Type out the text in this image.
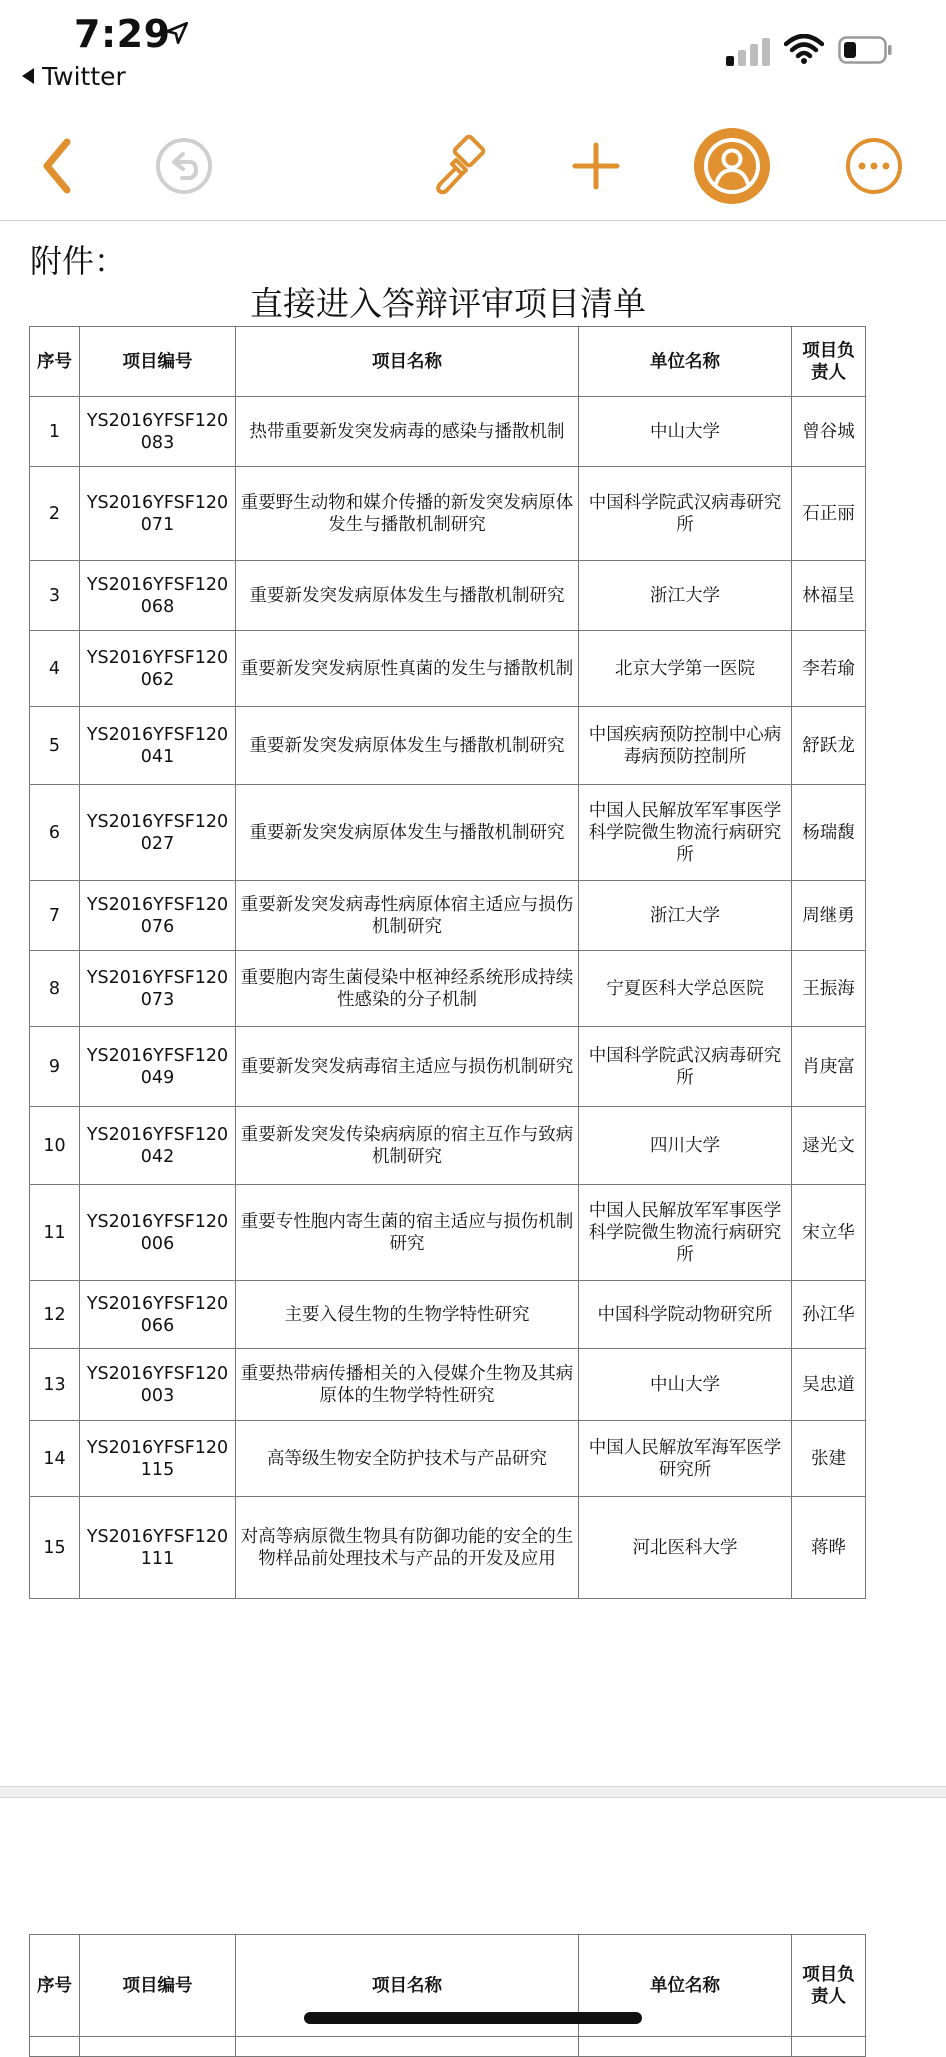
7:29
Twitter
附件：
直接进入答辩评审项目清单
序号	项目编号	项目名称	单位名称	项目负责人
1	YS2016YFSF120083	热带重要新发突发病毒的感染与播散机制	中山大学	曾谷城
2	YS2016YFSF120071	重要野生动物和媒介传播的新发突发病原体发生与播散机制研究	中国科学院武汉病毒研究所	石正丽
3	YS2016YFSF120068	重要新发突发病原体发生与播散机制研究	浙江大学	林福呈
4	YS2016YFSF120062	重要新发突发病原性真菌的发生与播散机制	北京大学第一医院	李若瑜
5	YS2016YFSF120041	重要新发突发病原体发生与播散机制研究	中国疾病预防控制中心病毒病预防控制所	舒跃龙
6	YS2016YFSF120027	重要新发突发病原体发生与播散机制研究	中国人民解放军军事医学科学院微生物流行病研究所	杨瑞馥
7	YS2016YFSF120076	重要新发突发病毒性病原体宿主适应与损伤机制研究	浙江大学	周继勇
8	YS2016YFSF120073	重要胞内寄生菌侵染中枢神经系统形成持续性感染的分子机制	宁夏医科大学总医院	王振海
9	YS2016YFSF120049	重要新发突发病毒宿主适应与损伤机制研究	中国科学院武汉病毒研究所	肖庚富
10	YS2016YFSF120042	重要新发突发传染病病原的宿主互作与致病机制研究	四川大学	逯光文
11	YS2016YFSF120006	重要专性胞内寄生菌的宿主适应与损伤机制研究	中国人民解放军军事医学科学院微生物流行病研究所	宋立华
12	YS2016YFSF120066	主要入侵生物的生物学特性研究	中国科学院动物研究所	孙江华
13	YS2016YFSF120003	重要热带病传播相关的入侵媒介生物及其病原体的生物学特性研究	中山大学	吴忠道
14	YS2016YFSF120115	高等级生物安全防护技术与产品研究	中国人民解放军海军医学研究所	张建
15	YS2016YFSF120111	对高等病原微生物具有防御功能的安全的生物样品前处理技术与产品的开发及应用	河北医科大学	蒋晔
序号	项目编号	项目名称	单位名称	项目负责人
